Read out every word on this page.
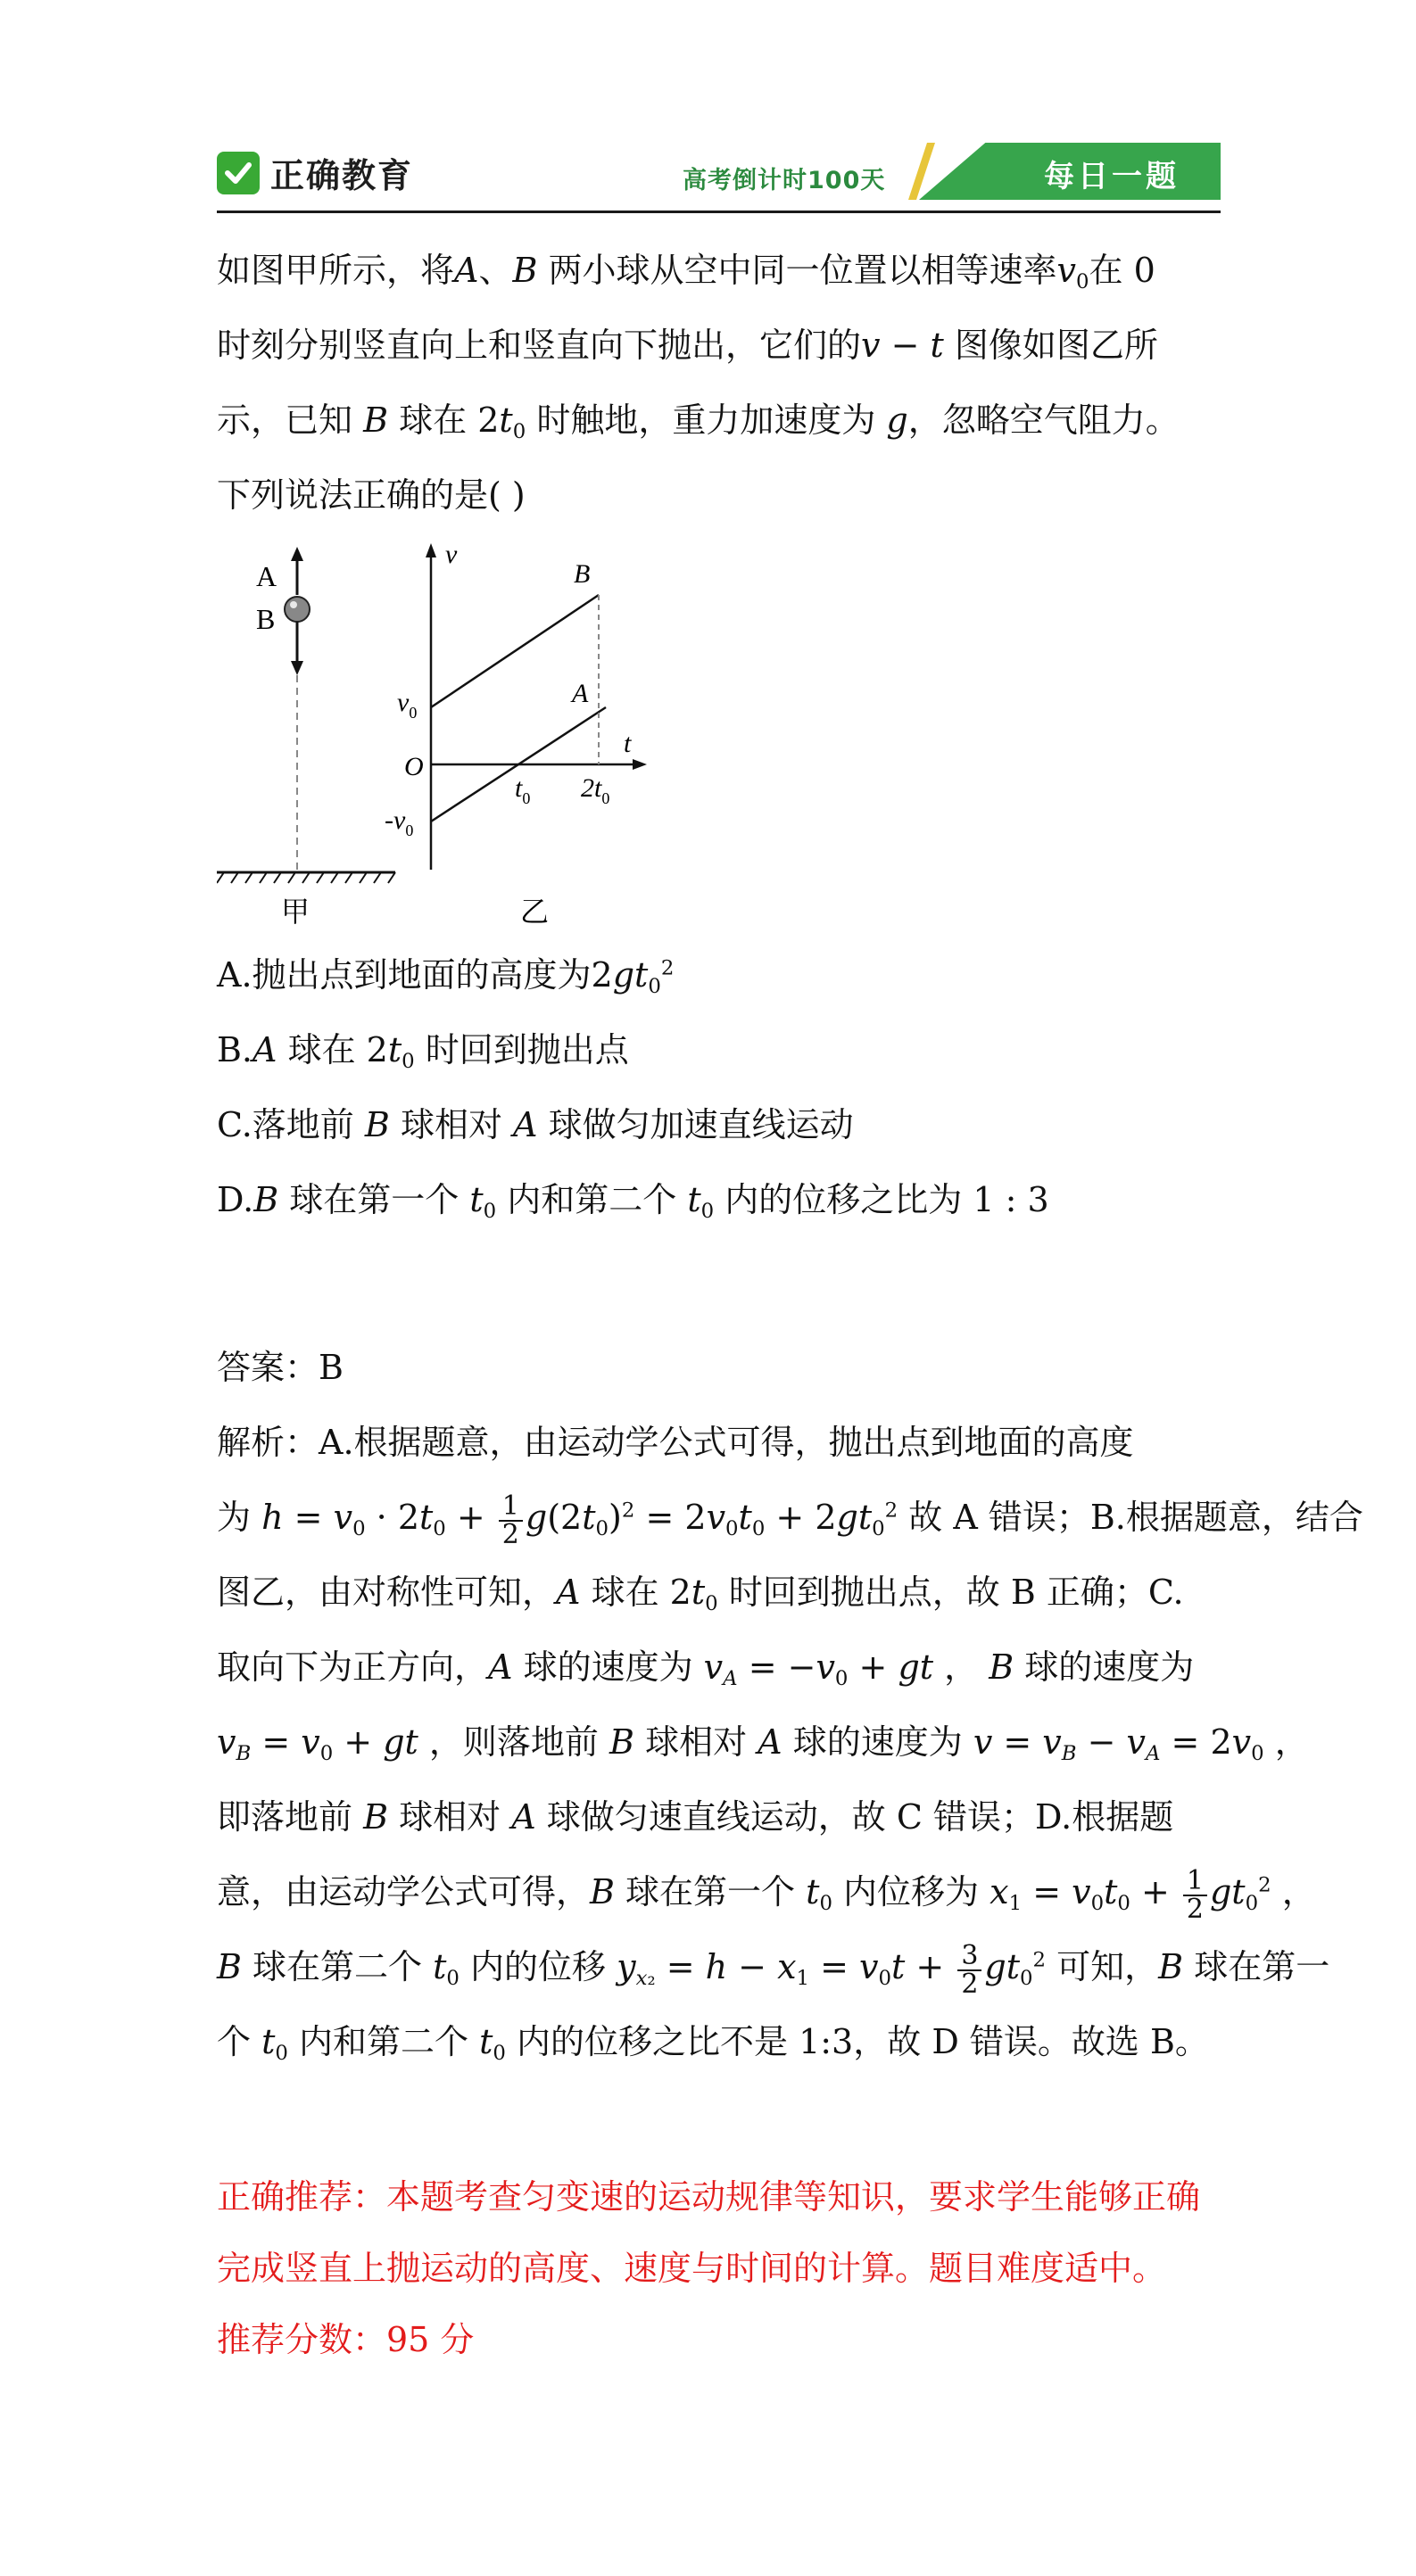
正确教育	高考倒计时100天	每日一题
如图甲所示，将A、B 两小球从空中同一位置以相等速率$v_0$在 0
时刻分别竖直向上和竖直向下抛出，它们的v − t 图像如图乙所
示，已知 B 球在 $2t_0$ 时触地，重力加速度为 g，忽略空气阻力。
下列说法正确的是( )
A
B
甲
v
t
O
B
A
$v_0$
$-v_0$
$t_0$ $2t_0$
乙
A.抛出点到地面的高度为$2gt_0^2$
B.A 球在 $2t_0$ 时回到抛出点
C.落地前 B 球相对 A 球做匀加速直线运动
D.B 球在第一个 $t_0$ 内和第二个 $t_0$ 内的位移之比为 1 : 3
答案：B
解析：A.根据题意，由运动学公式可得，抛出点到地面的高度
为 $h = v_0 \cdot 2t_0 + \frac{1}{2} g(2t_0)^2 = 2v_0t_0 + 2gt_0^2$ 故 A 错误；B.根据题意，结合
图乙，由对称性可知，A 球在 $2t_0$ 时回到抛出点，故 B 正确；C.
取向下为正方向，A 球的速度为 $v_A = -v_0$ + gt ， B 球的速度为
$v_B = v_0$ + gt ，则落地前 B 球相对 A 球的速度为 $v = v_B - v_A = 2v_0$ ，
即落地前 B 球相对 A 球做匀速直线运动，故 C 错误；D.根据题
意，由运动学公式可得，B 球在第一个 $t_0$ 内位移为 $x_1 = v_0t_0 + \frac{1}{2} gt_0^2$ ，
B 球在第二个 $t_0$ 内的位移 $y_{x_2} = h - x_1 = v_0t + \frac{3}{2} gt_0^2$ 可知，B 球在第一
个 $t_0$ 内和第二个 $t_0$ 内的位移之比不是 1:3，故 D 错误。故选 B。
正确推荐：本题考查匀变速的运动规律等知识，要求学生能够正确完成竖直上抛运动的高度、速度与时间的计算。题目难度适中。
推荐分数：95 分
